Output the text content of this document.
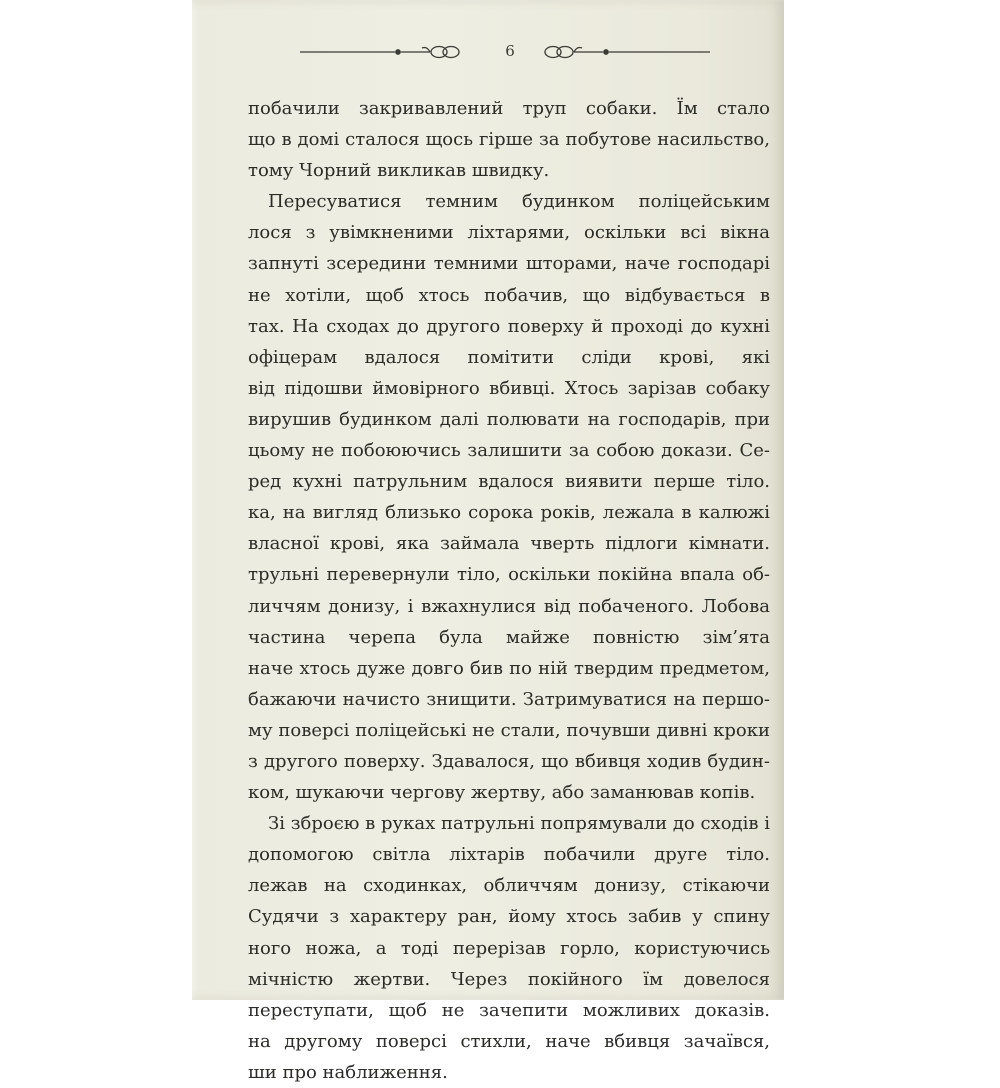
6
побачили закривавлений труп собаки. Їм стало
що в домі сталося щось гірше за побутове насильство,
тому Чорний викликав швидку.
Пересуватися темним будинком поліцейським
лося з увімкненими ліхтарями, оскільки всі вікна
запнуті зсередини темними шторами, наче господарі
не хотіли, щоб хтось побачив, що відбувається в
тах. На сходах до другого поверху й проході до кухні
офіцерам вдалося помітити сліди крові, які
від підошви ймовірного вбивці. Хтось зарізав собаку
вирушив будинком далі полювати на господарів, при
цьому не побоюючись залишити за собою докази. Се-
ред кухні патрульним вдалося виявити перше тіло.
ка, на вигляд близько сорока років, лежала в калюжі
власної крові, яка займала чверть підлоги кімнати.
трульні перевернули тіло, оскільки покійна впала об-
личчям донизу, і вжахнулися від побаченого. Лобова
частина черепа була майже повністю зім’ята
наче хтось дуже довго бив по ній твердим предметом,
бажаючи начисто знищити. Затримуватися на першо-
му поверсі поліцейські не стали, почувши дивні кроки
з другого поверху. Здавалося, що вбивця ходив будин-
ком, шукаючи чергову жертву, або заманював копів.
Зі зброєю в руках патрульні попрямували до сходів і
допомогою світла ліхтарів побачили друге тіло.
лежав на сходинках, обличчям донизу, стікаючи
Судячи з характеру ран, йому хтось забив у спину
ного ножа, а тоді перерізав горло, користуючись
мічністю жертви. Через покійного їм довелося
переступати, щоб не зачепити можливих доказів.
на другому поверсі стихли, наче вбивця зачаївся,
ши про наближення.
